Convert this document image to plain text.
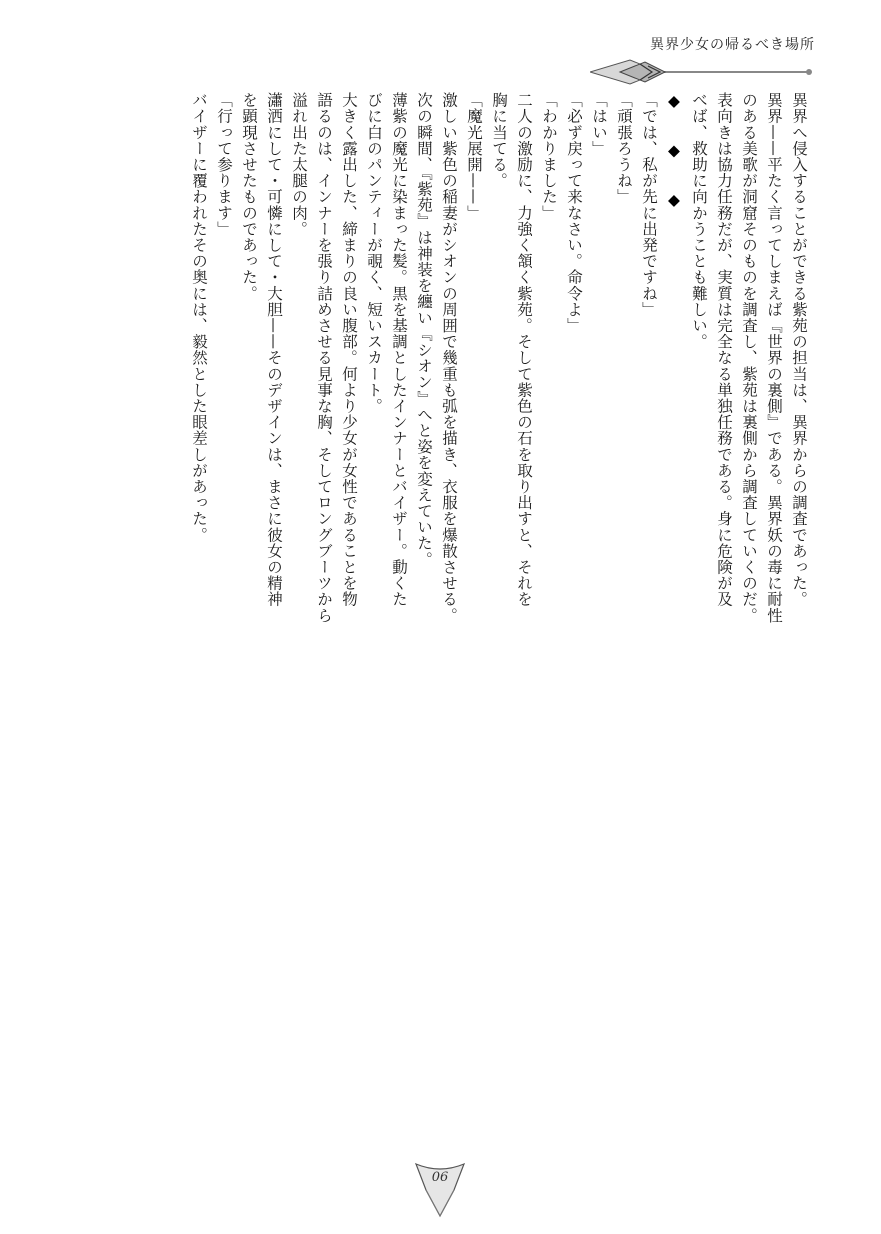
異界少女の帰るべき場所

異界へ侵入することができる紫苑の担当は、異界からの調査であった。

異界——平たく言ってしまえば『世界の裏側』である。異界妖の毒に耐性

のある美歌が洞窟そのものを調査し、紫苑は裏側から調査していくのだ。

表向きは協力任務だが、実質は完全なる単独任務である。身に危険が及

べば、救助に向かうことも難しい。

◆　◆　◆

「では、私が先に出発ですね」

「頑張ろうね」

「はい」

「必ず戻って来なさい。命令よ」

「わかりました」

二人の激励に、力強く頷く紫苑。そして紫色の石を取り出すと、それを

胸に当てる。

「魔光展開——」

激しい紫色の稲妻がシオンの周囲で幾重も弧を描き、衣服を爆散させる。

次の瞬間、『紫苑』は神装を纏い『シオン』へと姿を変えていた。

薄紫の魔光に染まった髪。黒を基調としたインナーとバイザー。動くた

びに白のパンティーが覗く、短いスカート。

大きく露出した、締まりの良い腹部。何より少女が女性であることを物

語るのは、インナーを張り詰めさせる見事な胸、そしてロングブーツから

溢れ出た太腿の肉。

瀟洒にして・可憐にして・大胆——そのデザインは、まさに彼女の精神

を顕現させたものであった。

「行って参ります」

バイザーに覆われたその奥には、毅然とした眼差しがあった。

06
